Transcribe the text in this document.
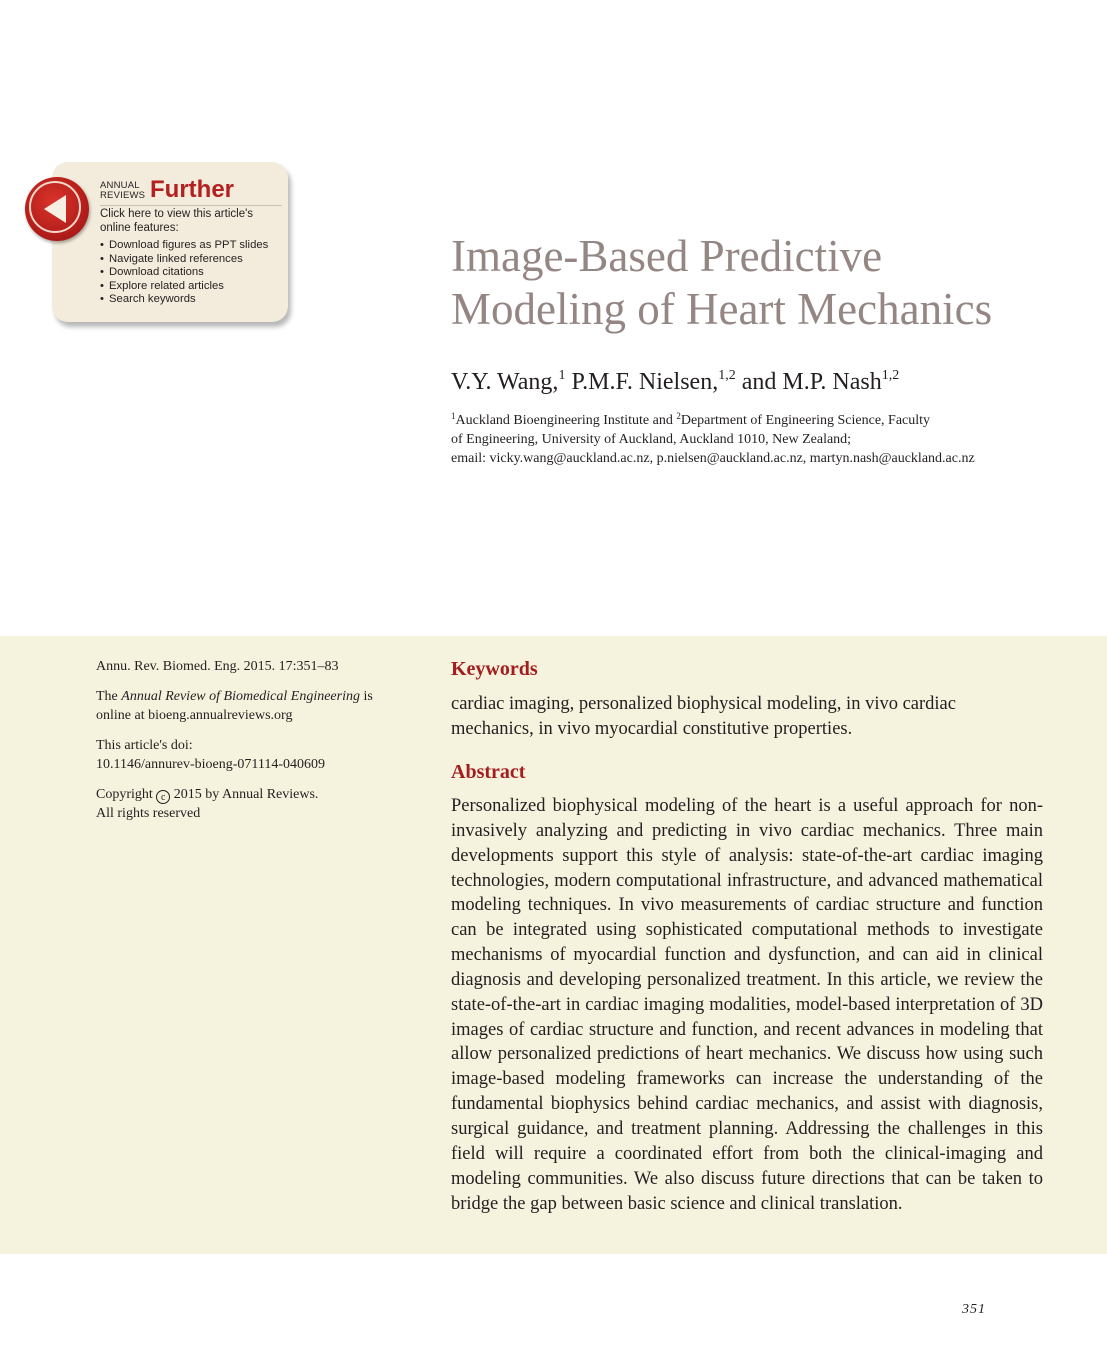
ANNUAL
REVIEWS Further
Click here to view this article's online features:
• Download figures as PPT slides
• Navigate linked references
• Download citations
• Explore related articles
• Search keywords
Image-Based Predictive
Modeling of Heart Mechanics
V.Y. Wang,$^1$ P.M.F. Nielsen,$^{1,2}$ and M.P. Nash$^{1,2}$

$^1$Auckland Bioengineering Institute and $^2$Department of Engineering Science, Faculty

of Engineering, University of Auckland, Auckland 1010, New Zealand;

email: vicky.wang@auckland.ac.nz, p.nielsen@auckland.ac.nz, martyn.nash@auckland.ac.nz

Annu. Rev. Biomed. Eng. 2015. 17:351–83

The Annual Review of Biomedical Engineering is online at bioeng.annualreviews.org

This article's doi:
10.1146/annurev-bioeng-071114-040609

Copyright c 2015 by Annual Reviews.
All rights reserved

Keywords

cardiac imaging, personalized biophysical modeling, in vivo cardiac mechanics, in vivo myocardial constitutive properties.

Abstract

Personalized biophysical modeling of the heart is a useful approach for noninvasively analyzing and predicting in vivo cardiac mechanics. Three main developments support this style of analysis: state-of-the-art cardiac imaging technologies, modern computational infrastructure, and advanced mathematical modeling techniques. In vivo measurements of cardiac structure and function can be integrated using sophisticated computational methods to investigate mechanisms of myocardial function and dysfunction, and can aid in clinical diagnosis and developing personalized treatment. In this article, we review the state-of-the-art in cardiac imaging modalities, model-based interpretation of 3D images of cardiac structure and function, and recent advances in modeling that allow personalized predictions of heart mechanics. We discuss how using such image-based modeling frameworks can increase the understanding of the fundamental biophysics behind cardiac mechanics, and assist with diagnosis, surgical guidance, and treatment planning. Addressing the challenges in this field will require a coordinated effort from both the clinical-imaging and modeling communities. We also discuss future directions that can be taken to bridge the gap between basic science and clinical translation.

351
